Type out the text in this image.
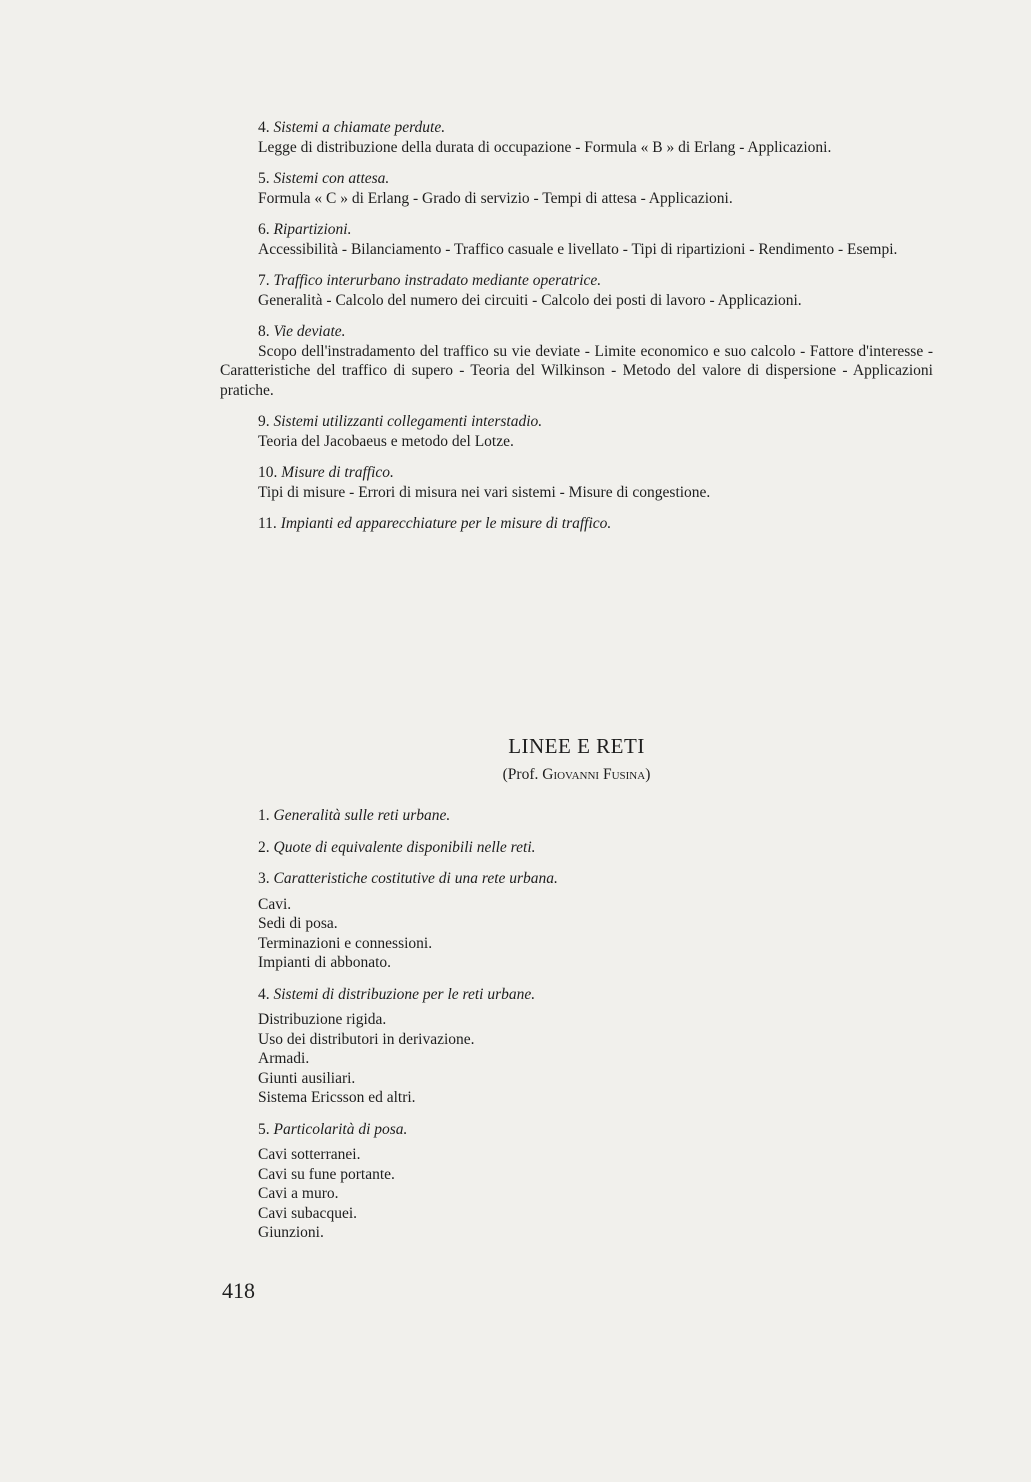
4. Sistemi a chiamate perdute.
Legge di distribuzione della durata di occupazione - Formula « B » di Erlang - Applicazioni.
5. Sistemi con attesa.
Formula « C » di Erlang - Grado di servizio - Tempi di attesa - Applicazioni.
6. Ripartizioni.
Accessibilità - Bilanciamento - Traffico casuale e livellato - Tipi di ripartizioni - Rendimento - Esempi.
7. Traffico interurbano instradato mediante operatrice.
Generalità - Calcolo del numero dei circuiti - Calcolo dei posti di lavoro - Applicazioni.
8. Vie deviate.
Scopo dell'instradamento del traffico su vie deviate - Limite economico e suo calcolo - Fattore d'interesse - Caratteristiche del traffico di supero - Teoria del Wilkinson - Metodo del valore di dispersione - Applicazioni pratiche.
9. Sistemi utilizzanti collegamenti interstadio.
Teoria del Jacobaeus e metodo del Lotze.
10. Misure di traffico.
Tipi di misure - Errori di misura nei vari sistemi - Misure di congestione.
11. Impianti ed apparecchiature per le misure di traffico.
LINEE E RETI
(Prof. Giovanni Fusina)
1. Generalità sulle reti urbane.
2. Quote di equivalente disponibili nelle reti.
3. Caratteristiche costitutive di una rete urbana.
Cavi.
Sedi di posa.
Terminazioni e connessioni.
Impianti di abbonato.
4. Sistemi di distribuzione per le reti urbane.
Distribuzione rigida.
Uso dei distributori in derivazione.
Armadi.
Giunti ausiliari.
Sistema Ericsson ed altri.
5. Particolarità di posa.
Cavi sotterranei.
Cavi su fune portante.
Cavi a muro.
Cavi subacquei.
Giunzioni.
418
